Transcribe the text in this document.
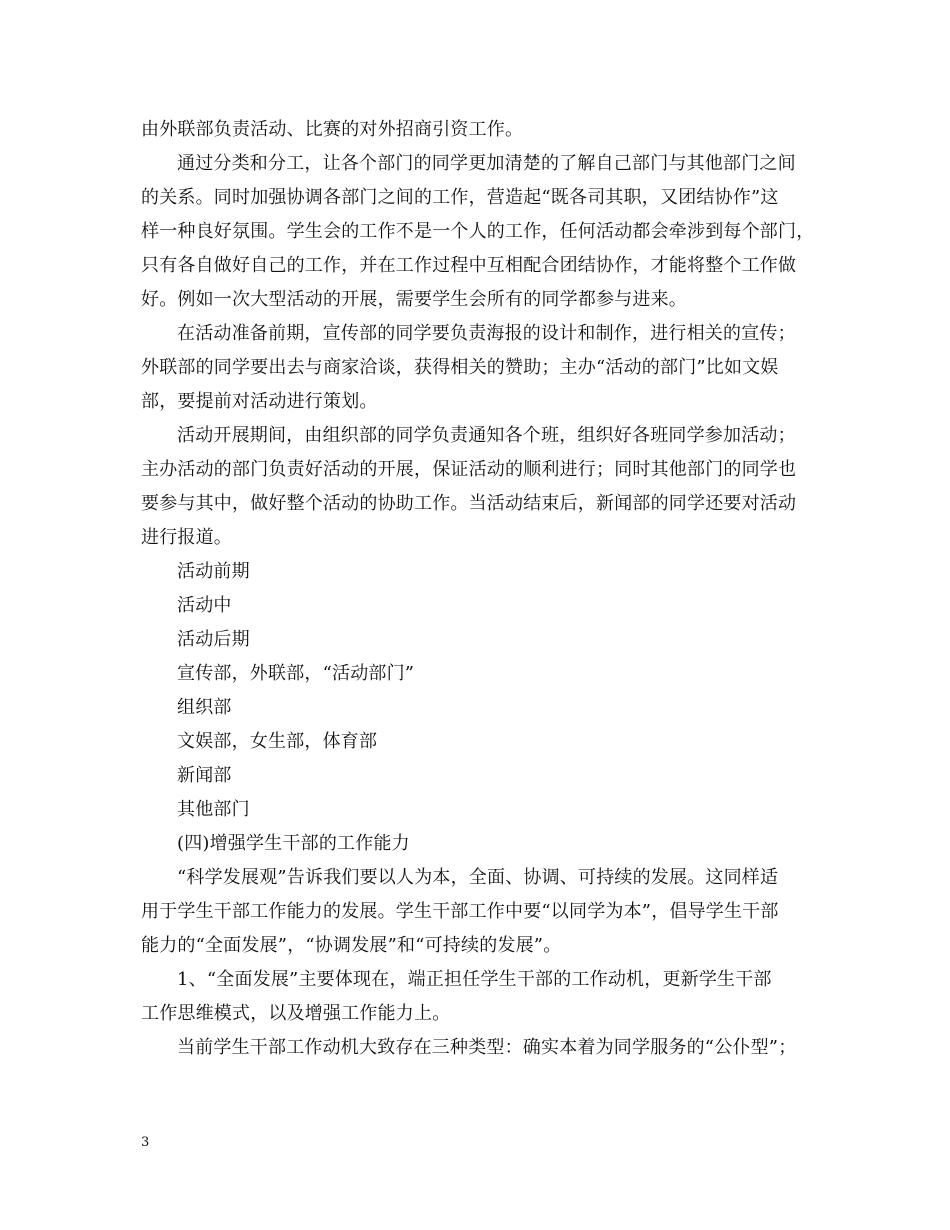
由外联部负责活动、比赛的对外招商引资工作。
通过分类和分工，让各个部门的同学更加清楚的了解自己部门与其他部门之间
的关系。同时加强协调各部门之间的工作，营造起“既各司其职，又团结协作”这
样一种良好氛围。学生会的工作不是一个人的工作，任何活动都会牵涉到每个部门，
只有各自做好自己的工作，并在工作过程中互相配合团结协作，才能将整个工作做
好。例如一次大型活动的开展，需要学生会所有的同学都参与进来。
在活动准备前期，宣传部的同学要负责海报的设计和制作，进行相关的宣传；
外联部的同学要出去与商家洽谈，获得相关的赞助；主办“活动的部门”比如文娱
部，要提前对活动进行策划。
活动开展期间，由组织部的同学负责通知各个班，组织好各班同学参加活动；
主办活动的部门负责好活动的开展，保证活动的顺利进行；同时其他部门的同学也
要参与其中，做好整个活动的协助工作。当活动结束后，新闻部的同学还要对活动
进行报道。
活动前期
活动中
活动后期
宣传部，外联部，“活动部门”
组织部
文娱部，女生部，体育部
新闻部
其他部门
(四)增强学生干部的工作能力
“科学发展观”告诉我们要以人为本，全面、协调、可持续的发展。这同样适
用于学生干部工作能力的发展。学生干部工作中要“以同学为本”，倡导学生干部
能力的“全面发展”，“协调发展”和“可持续的发展”。
1、“全面发展”主要体现在，端正担任学生干部的工作动机，更新学生干部
工作思维模式，以及增强工作能力上。
当前学生干部工作动机大致存在三种类型：确实本着为同学服务的“公仆型”；
3
